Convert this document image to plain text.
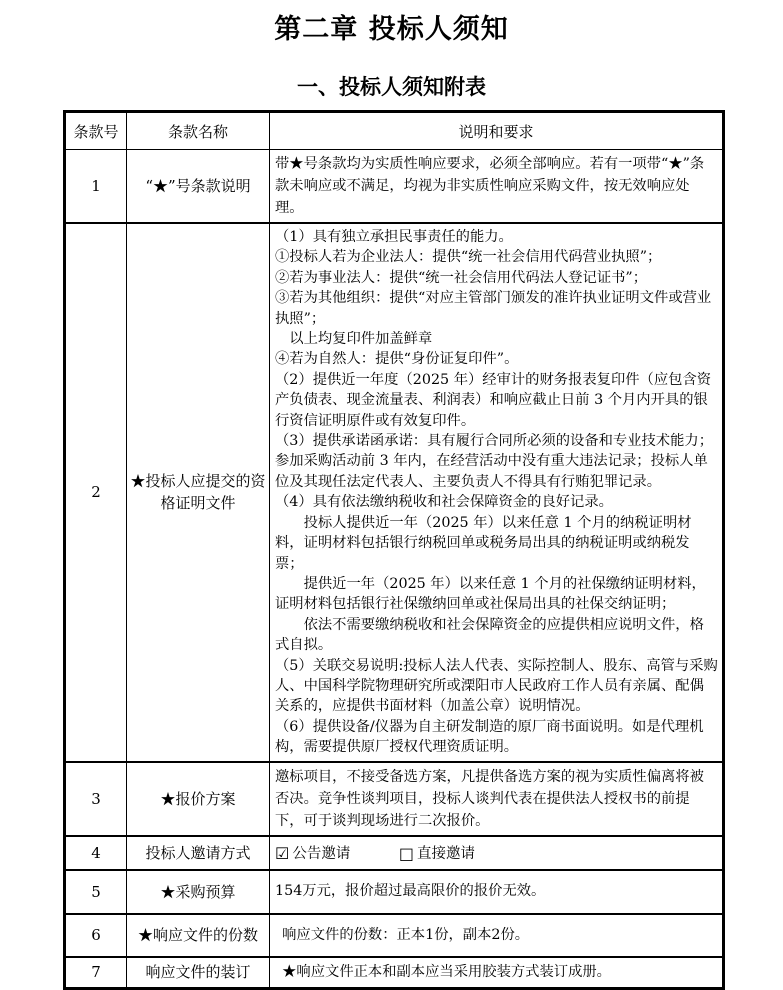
第二章 投标人须知
一、投标人须知附表
条款号	条款名称	说明和要求
1	“★”号条款说明	带★号条款均为实质性响应要求，必须全部响应。若有一项带“★”条款未响应或不满足，均视为非实质性响应采购文件，按无效响应处理。

2	★投标人应提交的资格证明文件	

（1）具有独立承担民事责任的能力。

①投标人若为企业法人：提供“统一社会信用代码营业执照”；

②若为事业法人：提供“统一社会信用代码法人登记证书”；

③若为其他组织：提供“对应主管部门颁发的准许执业证明文件或营业执照”；

以上均复印件加盖鲜章

④若为自然人：提供“身份证复印件”。

（2）提供近一年度（2025 年）经审计的财务报表复印件（应包含资产负债表、现金流量表、利润表）和响应截止日前 3 个月内开具的银行资信证明原件或有效复印件。

（3）提供承诺函承诺：具有履行合同所必须的设备和专业技术能力；参加采购活动前 3 年内，在经营活动中没有重大违法记录；投标人单位及其现任法定代表人、主要负责人不得具有行贿犯罪记录。

（4）具有依法缴纳税收和社会保障资金的良好记录。

投标人提供近一年（2025 年）以来任意 1 个月的纳税证明材料，证明材料包括银行纳税回单或税务局出具的纳税证明或纳税发票；

提供近一年（2025 年）以来任意 1 个月的社保缴纳证明材料，证明材料包括银行社保缴纳回单或社保局出具的社保交纳证明；

依法不需要缴纳税收和社会保障资金的应提供相应说明文件，格式自拟。

（5）关联交易说明:投标人法人代表、实际控制人、股东、高管与采购人、中国科学院物理研究所或溧阳市人民政府工作人员有亲属、配偶关系的，应提供书面材料（加盖公章）说明情况。

（6）提供设备/仪器为自主研发制造的原厂商书面说明。如是代理机构，需要提供原厂授权代理资质证明。

3	★报价方案	邀标项目，不接受备选方案，凡提供备选方案的视为实质性偏离将被否决。竞争性谈判项目，投标人谈判代表在提供法人授权书的前提下，可于谈判现场进行二次报价。

4	投标人邀请方式	☑ 公告邀请 □ 直接邀请
5	★采购预算	154万元，报价超过最高限价的报价无效。

6	★响应文件的份数	响应文件的份数：正本1份，副本2份。

7	响应文件的装订	★响应文件正本和副本应当采用胶装方式装订成册。
